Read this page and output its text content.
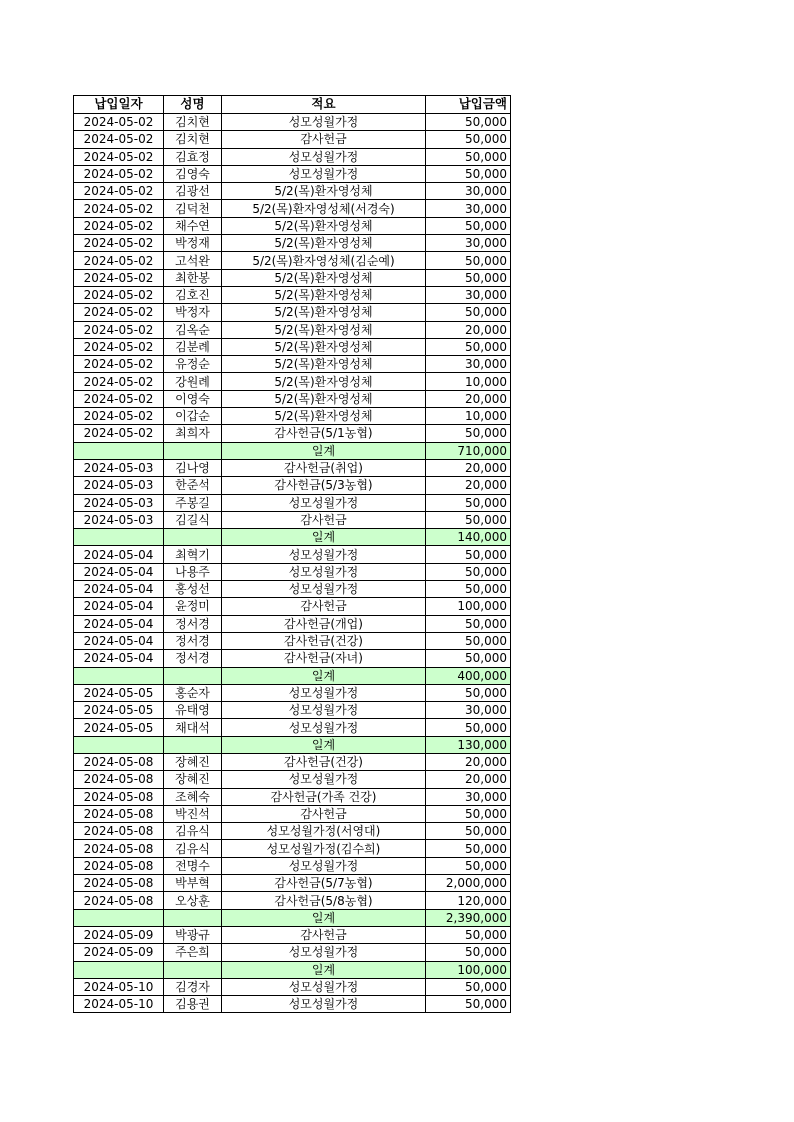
납입일자	성명	적요	납입금액
2024-05-02	김치현	성모성월가정	50,000
2024-05-02	김치현	감사헌금	50,000
2024-05-02	김효정	성모성월가정	50,000
2024-05-02	김영숙	성모성월가정	50,000
2024-05-02	김광선	5/2(목)환자영성체	30,000
2024-05-02	김덕천	5/2(목)환자영성체(서경숙)	30,000
2024-05-02	채수연	5/2(목)환자영성체	50,000
2024-05-02	박정재	5/2(목)환자영성체	30,000
2024-05-02	고석완	5/2(목)환자영성체(김순예)	50,000
2024-05-02	최한봉	5/2(목)환자영성체	50,000
2024-05-02	김호진	5/2(목)환자영성체	30,000
2024-05-02	박정자	5/2(목)환자영성체	50,000
2024-05-02	김옥순	5/2(목)환자영성체	20,000
2024-05-02	김분례	5/2(목)환자영성체	50,000
2024-05-02	유정순	5/2(목)환자영성체	30,000
2024-05-02	강원례	5/2(목)환자영성체	10,000
2024-05-02	이영숙	5/2(목)환자영성체	20,000
2024-05-02	이갑순	5/2(목)환자영성체	10,000
2024-05-02	최희자	감사헌금(5/1농협)	50,000
		일계	710,000
2024-05-03	김나영	감사헌금(취업)	20,000
2024-05-03	한준석	감사헌금(5/3농협)	20,000
2024-05-03	주봉길	성모성월가정	50,000
2024-05-03	김길식	감사헌금	50,000
		일계	140,000
2024-05-04	최혁기	성모성월가정	50,000
2024-05-04	나용주	성모성월가정	50,000
2024-05-04	홍성선	성모성월가정	50,000
2024-05-04	윤정미	감사헌금	100,000
2024-05-04	정서경	감사헌금(개업)	50,000
2024-05-04	정서경	감사헌금(건강)	50,000
2024-05-04	정서경	감사헌금(자녀)	50,000
		일계	400,000
2024-05-05	홍순자	성모성월가정	50,000
2024-05-05	유태영	성모성월가정	30,000
2024-05-05	채대석	성모성월가정	50,000
		일계	130,000
2024-05-08	장혜진	감사헌금(건강)	20,000
2024-05-08	장혜진	성모성월가정	20,000
2024-05-08	조혜숙	감사헌금(가족 건강)	30,000
2024-05-08	박진석	감사헌금	50,000
2024-05-08	김유식	성모성월가정(서영대)	50,000
2024-05-08	김유식	성모성월가정(김수희)	50,000
2024-05-08	전명수	성모성월가정	50,000
2024-05-08	박부혁	감사헌금(5/7농협)	2,000,000
2024-05-08	오상훈	감사헌금(5/8농협)	120,000
		일계	2,390,000
2024-05-09	박광규	감사헌금	50,000
2024-05-09	주은희	성모성월가정	50,000
		일계	100,000
2024-05-10	김경자	성모성월가정	50,000
2024-05-10	김용권	성모성월가정	50,000
